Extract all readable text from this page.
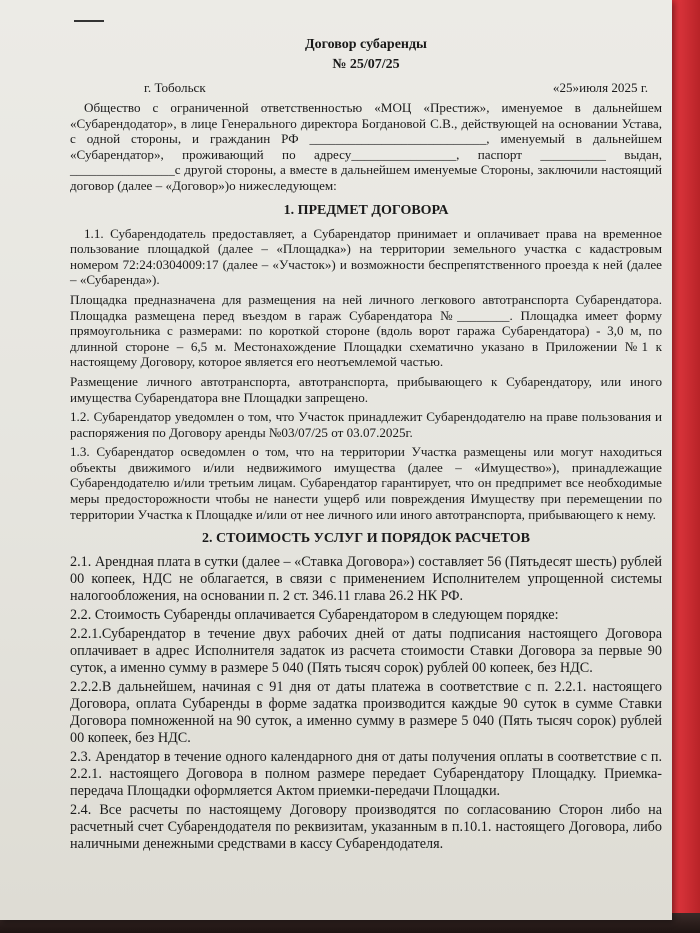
Договор субаренды
№ 25/07/25
г. Тобольск	«25»июля 2025 г.

Общество с ограниченной ответственностью «МОЦ «Престиж», именуемое в дальнейшем «Субарендодатор», в лице Генерального директора Богдановой С.В., действующей на основании Устава, с одной стороны, и гражданин РФ ___________________________, именуемый в дальнейшем «Субарендатор», проживающий по адресу________________, паспорт __________ выдан, ________________с другой стороны, а вместе в дальнейшем именуемые Стороны, заключили настоящий договор (далее – «Договор»)о нижеследующем:

1. ПРЕДМЕТ ДОГОВОРА

1.1. Субарендодатель предоставляет, а Субарендатор принимает и оплачивает права на временное пользование площадкой (далее – «Площадка») на территории земельного участка с кадастровым номером 72:24:0304009:17 (далее – «Участок») и возможности беспрепятственного проезда к ней (далее – «Субаренда»).

Площадка предназначена для размещения на ней личного легкового автотранспорта Субарендатора. Площадка размещена перед въездом в гараж Субарендатора №________. Площадка имеет форму прямоугольника с размерами: по короткой стороне (вдоль ворот гаража Субарендатора) - 3,0 м, по длинной стороне – 6,5 м. Местонахождение Площадки схематично указано в Приложении №1 к настоящему Договору, которое является его неотъемлемой частью.

Размещение личного автотранспорта, автотранспорта, прибывающего к Субарендатору, или иного имущества Субарендатора вне Площадки запрещено.

1.2. Субарендатор уведомлен о том, что Участок принадлежит Субарендодателю на праве пользования и распоряжения по Договору аренды №03/07/25 от 03.07.2025г.

1.3. Субарендатор осведомлен о том, что на территории Участка размещены или могут находиться объекты движимого и/или недвижимого имущества (далее – «Имущество»), принадлежащие Субарендодателю и/или третьим лицам. Субарендатор гарантирует, что он предпримет все необходимые меры предосторожности чтобы не нанести ущерб или повреждения Имуществу при перемещении по территории Участка к Площадке и/или от нее личного или иного автотранспорта, прибывающего к нему.

2. СТОИМОСТЬ УСЛУГ И ПОРЯДОК РАСЧЕТОВ

2.1. Арендная плата в сутки (далее – «Ставка Договора») составляет 56 (Пятьдесят шесть) рублей 00 копеек, НДС не облагается, в связи с применением Исполнителем упрощенной системы налогообложения, на основании п. 2 ст. 346.11 глава 26.2 НК РФ.

2.2. Стоимость Субаренды оплачивается Субарендатором в следующем порядке:

2.2.1.Субарендатор в течение двух рабочих дней от даты подписания настоящего Договора оплачивает в адрес Исполнителя задаток из расчета стоимости Ставки Договора за первые 90 суток, а именно сумму в размере 5 040 (Пять тысяч сорок) рублей 00 копеек, без НДС.

2.2.2.В дальнейшем, начиная с 91 дня от даты платежа в соответствие с п. 2.2.1. настоящего Договора, оплата Субаренды в форме задатка производится каждые 90 суток в сумме Ставки Договора помноженной на 90 суток, а именно сумму в размере 5 040 (Пять тысяч сорок) рублей 00 копеек, без НДС.

2.3. Арендатор в течение одного календарного дня от даты получения оплаты в соответствие с п. 2.2.1. настоящего Договора в полном размере передает Субарендатору Площадку. Приемка-передача Площадки оформляется Актом приемки-передачи Площадки.

2.4. Все расчеты по настоящему Договору производятся по согласованию Сторон либо на расчетный счет Субарендодателя по реквизитам, указанным в п.10.1. настоящего Договора, либо наличными денежными средствами в кассу Субарендодателя.
